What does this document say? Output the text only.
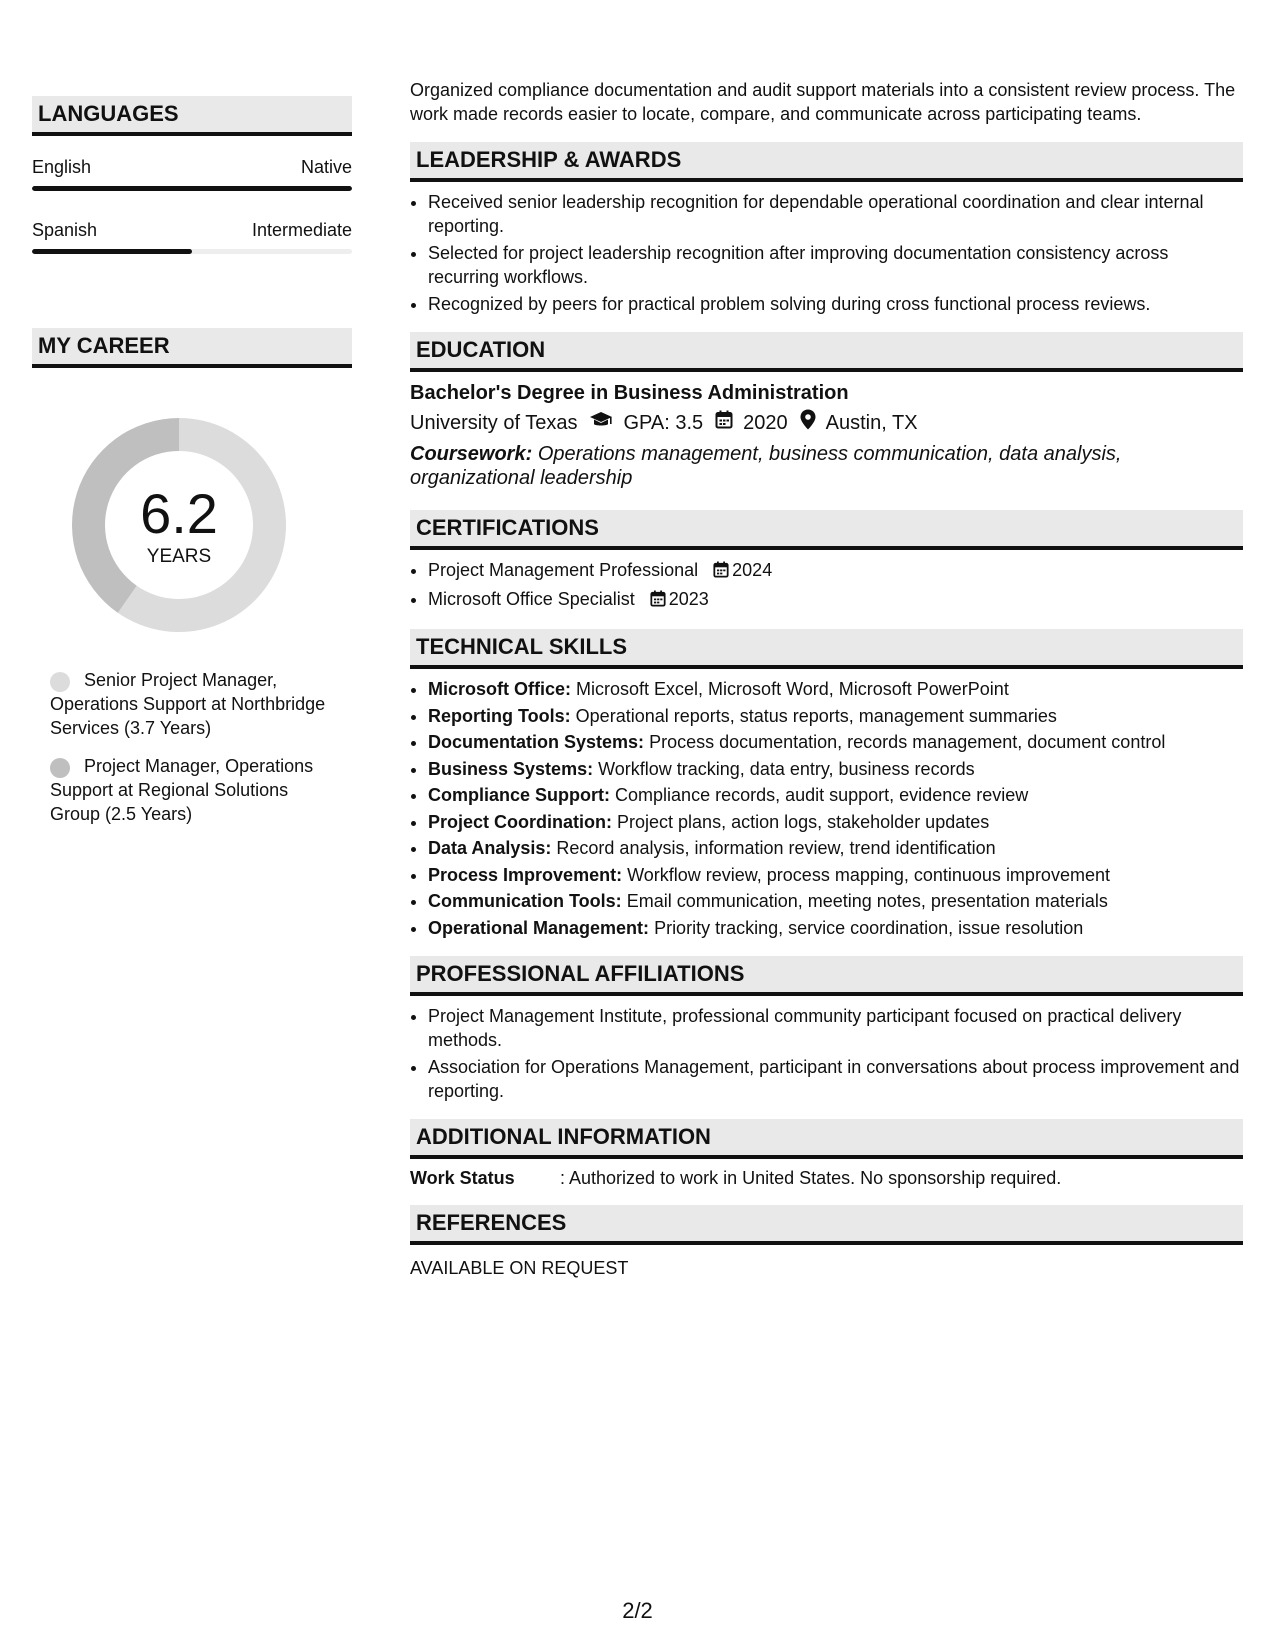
LANGUAGES
English	Native
Spanish	Intermediate
MY CAREER
6.2
YEARS
Senior Project Manager, Operations Support at Northbridge Services (3.7 Years)
Project Manager, Operations Support at Regional Solutions Group (2.5 Years)

Organized compliance documentation and audit support materials into a consistent review process. The work made records easier to locate, compare, and communicate across participating teams.

LEADERSHIP & AWARDS
• Received senior leadership recognition for dependable operational coordination and clear internal reporting.
• Selected for project leadership recognition after improving documentation consistency across recurring workflows.
• Recognized by peers for practical problem solving during cross functional process reviews.
EDUCATION
Bachelor's Degree in Business Administration
University of Texas GPA: 3.5 2020 Austin, TX
Coursework: Operations management, business communication, data analysis, organizational leadership
CERTIFICATIONS
• Project Management Professional 2024
• Microsoft Office Specialist 2023
TECHNICAL SKILLS
• Microsoft Office: Microsoft Excel, Microsoft Word, Microsoft PowerPoint
• Reporting Tools: Operational reports, status reports, management summaries
• Documentation Systems: Process documentation, records management, document control
• Business Systems: Workflow tracking, data entry, business records
• Compliance Support: Compliance records, audit support, evidence review
• Project Coordination: Project plans, action logs, stakeholder updates
• Data Analysis: Record analysis, information review, trend identification
• Process Improvement: Workflow review, process mapping, continuous improvement
• Communication Tools: Email communication, meeting notes, presentation materials
• Operational Management: Priority tracking, service coordination, issue resolution
PROFESSIONAL AFFILIATIONS
• Project Management Institute, professional community participant focused on practical delivery methods.
• Association for Operations Management, participant in conversations about process improvement and reporting.
ADDITIONAL INFORMATION
Work Status	: Authorized to work in United States. No sponsorship required.
REFERENCES
AVAILABLE ON REQUEST
2/2
